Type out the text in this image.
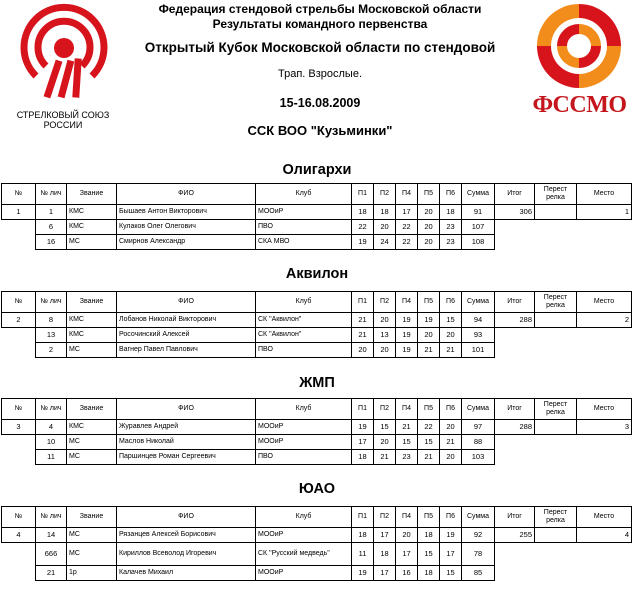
СТРЕЛКОВЫЙ СОЮЗ
РОССИИ
Федерация стендовой стрельбы Московской области
Результаты командного первенства
Открытый Кубок Московской области по стендовой
Трап. Взрослые.
15-16.08.2009
ССК ВОО "Кузьминки"
ФССМО
Олигархи
№	№ лич	Звание	ФИО	Клуб	П1	П2	П4	П5	П6	Сумма	Итог	Перест релка	Место
1	1	КМС	Бышаев Антон Викторович	МООиР	18	18	17	20	18	91	306		1
	6	КМС	Кулаков Олег Олегович	ПВО	22	20	22	20	23	107			
	16	МС	Смирнов Александр	СКА МВО	19	24	22	20	23	108			
Аквилон
№	№ лич	Звание	ФИО	Клуб	П1	П2	П4	П5	П6	Сумма	Итог	Перест релка	Место
2	8	КМС	Лобанов Николай Викторович	СК "Аквилон"	21	20	19	19	15	94	288		2
	13	КМС	Росочинский Алексей	СК "Аквилон"	21	13	19	20	20	93			
	2	МС	Вагнер Павел Павлович	ПВО	20	20	19	21	21	101			
ЖМП
№	№ лич	Звание	ФИО	Клуб	П1	П2	П4	П5	П6	Сумма	Итог	Перест релка	Место
3	4	КМС	Журавлев Андрей	МООиР	19	15	21	22	20	97	288		3
	10	МС	Маслов Николай	МООиР	17	20	15	15	21	88			
	11	МС	Паршинцев Роман Сергеевич	ПВО	18	21	23	21	20	103			
ЮАО
№	№ лич	Звание	ФИО	Клуб	П1	П2	П4	П5	П6	Сумма	Итог	Перест релка	Место
4	14	МС	Рязанцев Алексей Борисович	МООиР	18	17	20	18	19	92	255		4
	666	МС	Кириллов Всеволод Игоревич	СК "Русский медведь"	11	18	17	15	17	78			
	21	1р	Калачев Михаил	МООиР	19	17	16	18	15	85			
